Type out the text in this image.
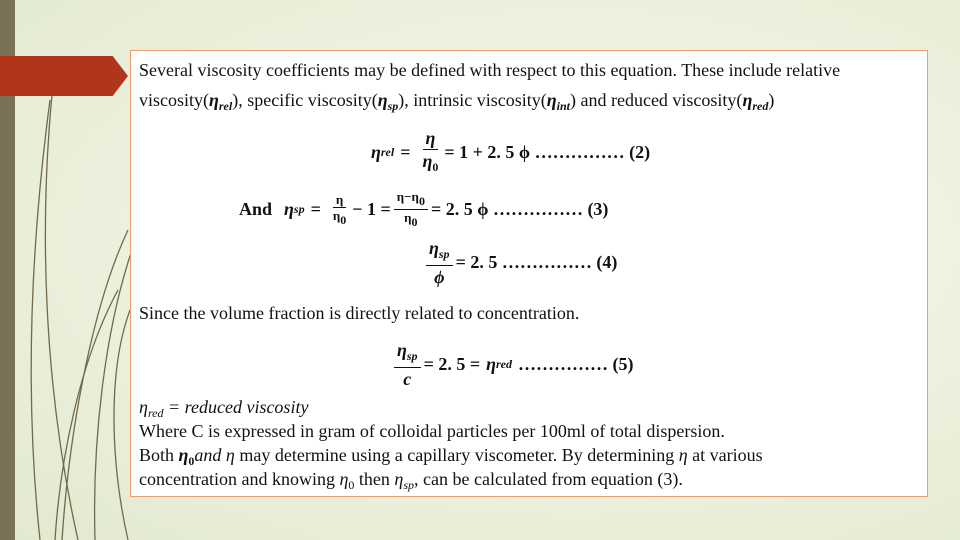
Several viscosity coefficients may be defined with respect to this equation. These include relative
$viscosity(\eta_{rel})$, specific $viscosity(\eta_{sp})$, intrinsic $viscosity(\eta_{int})$ and reduced $viscosity(\eta_{red})$
η rel = $\frac{\eta}{\eta_0} = 1 + 2$. 5 ϕ …………… (2)
And η sp = $\frac{\eta}{\eta_0} - 1 = \frac{\eta-\eta_0}{\eta_0} = 2$. 5 ϕ …………… (3)
$\frac{\eta_{sp}}{\phi} = 2$. 5 …………… (4)
Since the volume fraction is directly related to concentration.
$\frac{\eta_{sp}}{c} = 2$. 5 = η red …………… (5)
$\eta_{red}$ = reduced viscosity
Where C is expressed in gram of colloidal particles per 100ml of total dispersion.
Both $\eta_0and$ η may determine using a capillary viscometer. By determining η at various
concentration and knowing $\eta_0$ then $\eta_{sp}$, can be calculated from equation (3).
